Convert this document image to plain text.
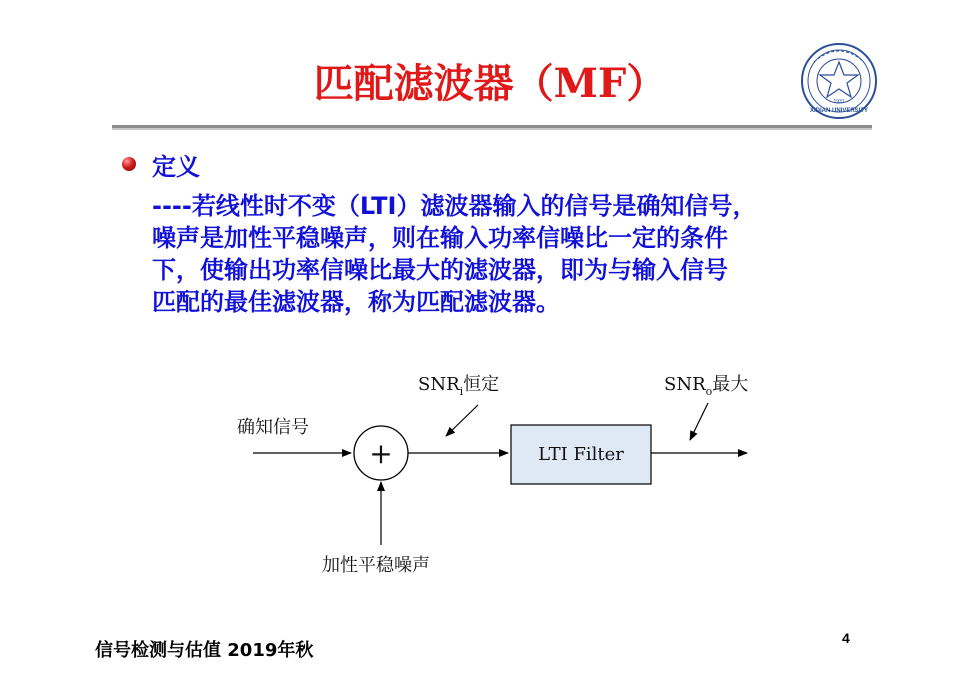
匹配滤波器（MF）
XIDIAN UNIVERSITY
1931
定义
----若线性时不变（LTI）滤波器输入的信号是确知信号，
噪声是加性平稳噪声，则在输入功率信噪比一定的条件
下，使输出功率信噪比最大的滤波器，即为与输入信号
匹配的最佳滤波器，称为匹配滤波器。
确知信号
+
加性平稳噪声
LTI Filter
$SNR_i$恒定	$SNR_o$最大
信号检测与估值 2019年秋
4
